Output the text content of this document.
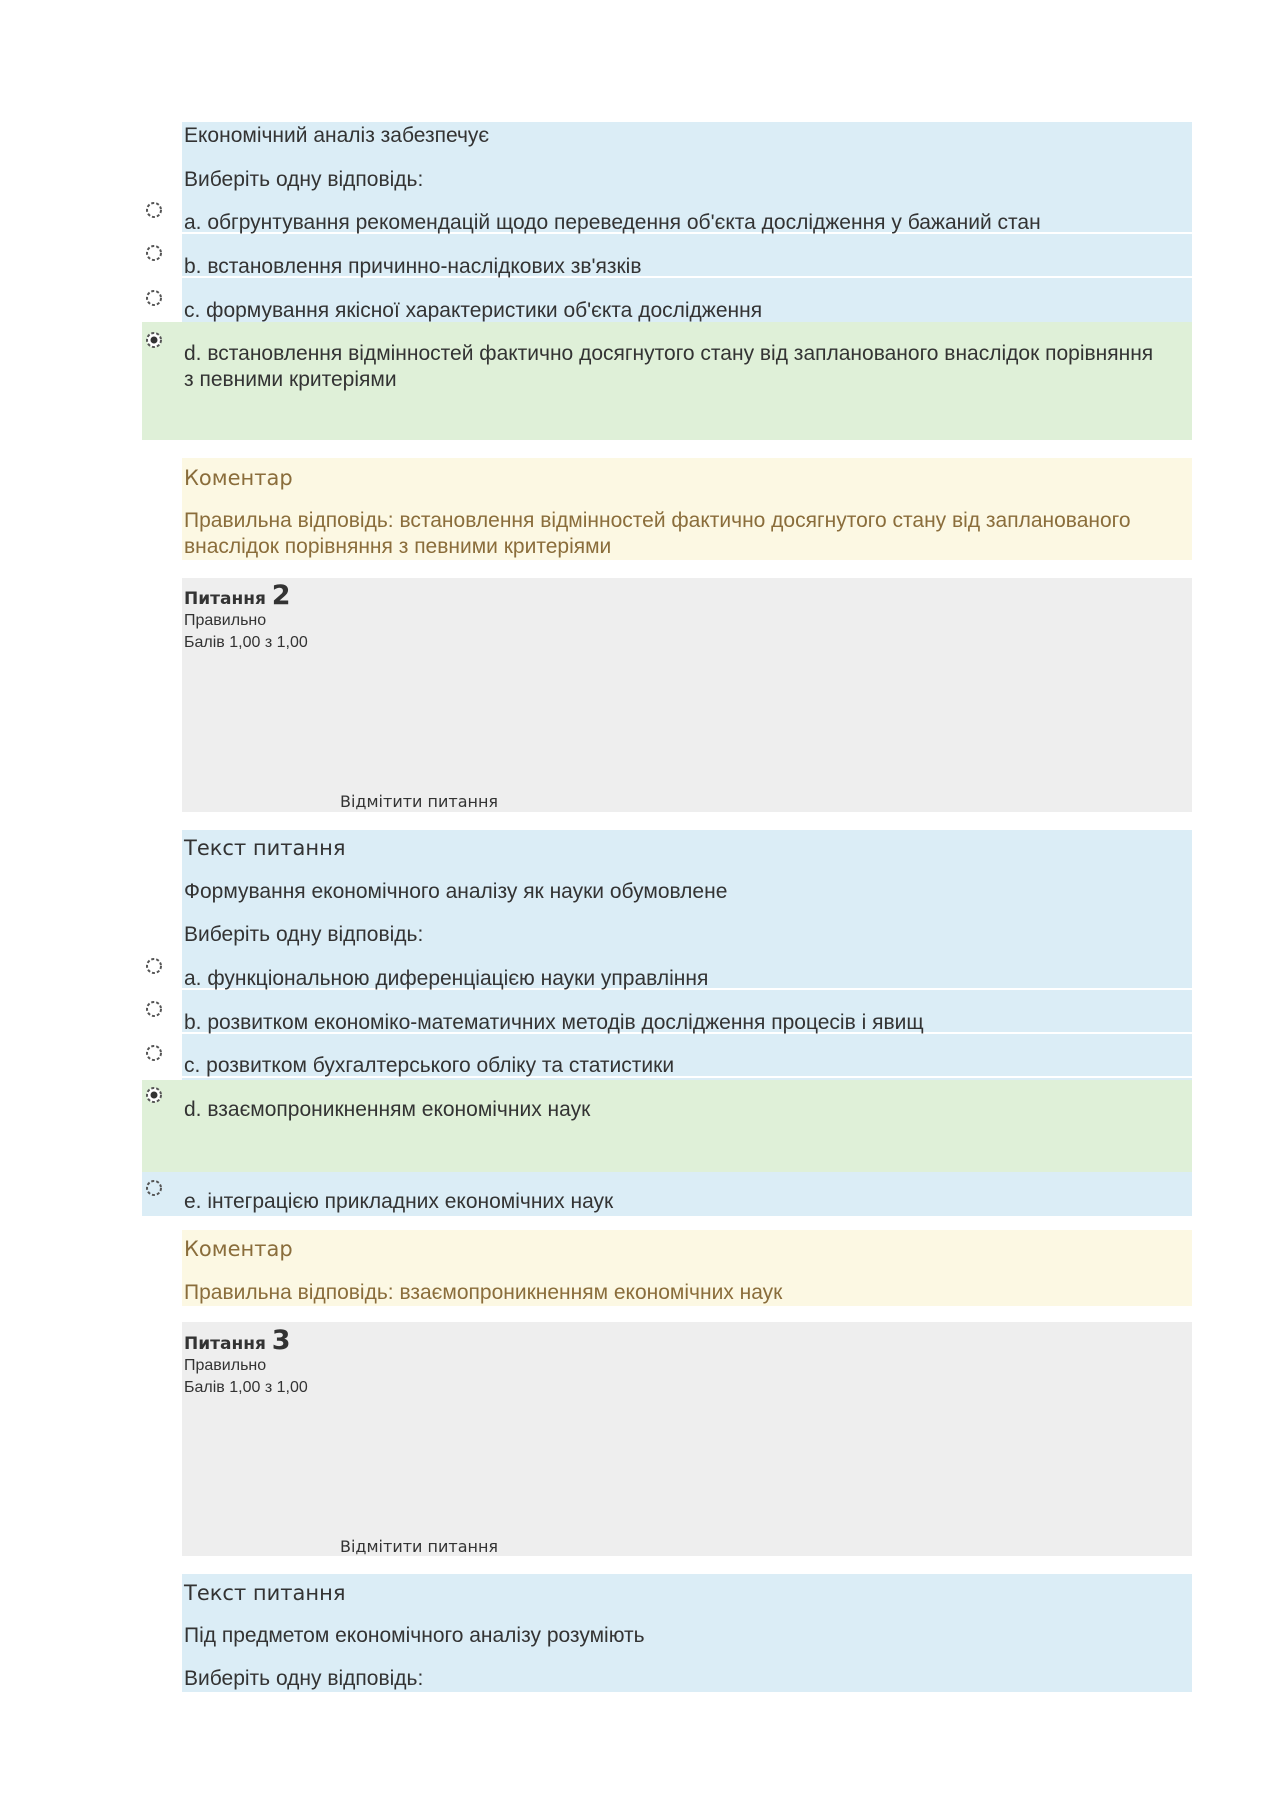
Економічний аналіз забезпечує
Виберіть одну відповідь:
a. обгрунтування рекомендацій щодо переведення об'єкта дослідження у бажаний стан
b. встановлення причинно-наслідкових зв'язків
c. формування якісної характеристики об'єкта дослідження
d. встановлення відмінностей фактично досягнутого стану від запланованого внаслідок порівняння з певними критеріями
Коментар
Правильна відповідь: встановлення відмінностей фактично досягнутого стану від запланованого внаслідок порівняння з певними критеріями
Питання 2
Правильно
Балів 1,00 з 1,00
Відмітити питання
Текст питання
Формування економічного аналізу як науки обумовлене
Виберіть одну відповідь:
a. функціональною диференціацією науки управління
b. розвитком економіко-математичних методів дослідження процесів і явищ
c. розвитком бухгалтерського обліку та статистики
d. взаємопроникненням економічних наук
e. інтеграцією прикладних економічних наук
Коментар
Правильна відповідь: взаємопроникненням економічних наук
Питання 3
Правильно
Балів 1,00 з 1,00
Відмітити питання
Текст питання
Під предметом економічного аналізу розуміють
Виберіть одну відповідь:
